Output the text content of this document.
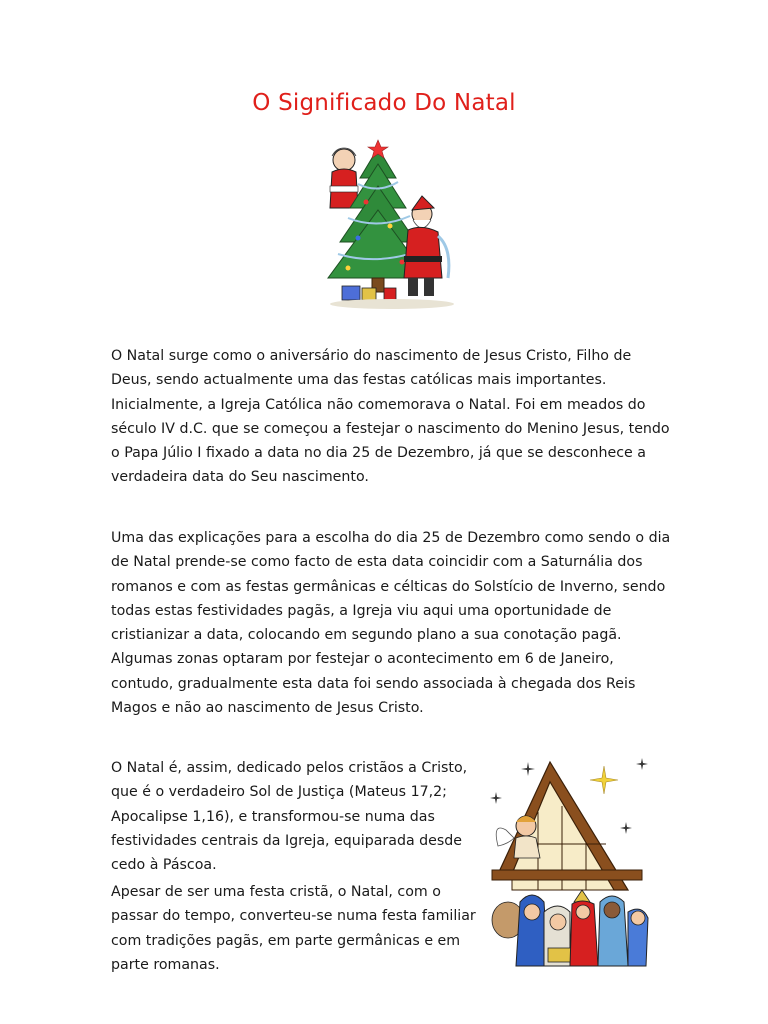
O Significado Do Natal

O Natal surge como o aniversário do nascimento de Jesus Cristo, Filho de Deus, sendo actualmente uma das festas católicas mais importantes. Inicialmente, a Igreja Católica não comemorava o Natal. Foi em meados do século IV d.C. que se começou a festejar o nascimento do Menino Jesus, tendo o Papa Júlio I fixado a data no dia 25 de Dezembro, já que se desconhece a verdadeira data do Seu nascimento.

Uma das explicações para a escolha do dia 25 de Dezembro como sendo o dia de Natal prende-se como facto de esta data coincidir com a Saturnália dos romanos e com as festas germânicas e célticas do Solstício de Inverno, sendo todas estas festividades pagãs, a Igreja viu aqui uma oportunidade de cristianizar a data, colocando em segundo plano a sua conotação pagã. Algumas zonas optaram por festejar o acontecimento em 6 de Janeiro, contudo, gradualmente esta data foi sendo associada à chegada dos Reis Magos e não ao nascimento de Jesus Cristo.

O Natal é, assim, dedicado pelos cristãos a Cristo, que é o verdadeiro Sol de Justiça (Mateus 17,2; Apocalipse 1,16), e transformou-se numa das festividades centrais da Igreja, equiparada desde cedo à Páscoa.

Apesar de ser uma festa cristã, o Natal, com o passar do tempo, converteu-se numa festa familiar com tradições pagãs, em parte germânicas e em parte romanas.
